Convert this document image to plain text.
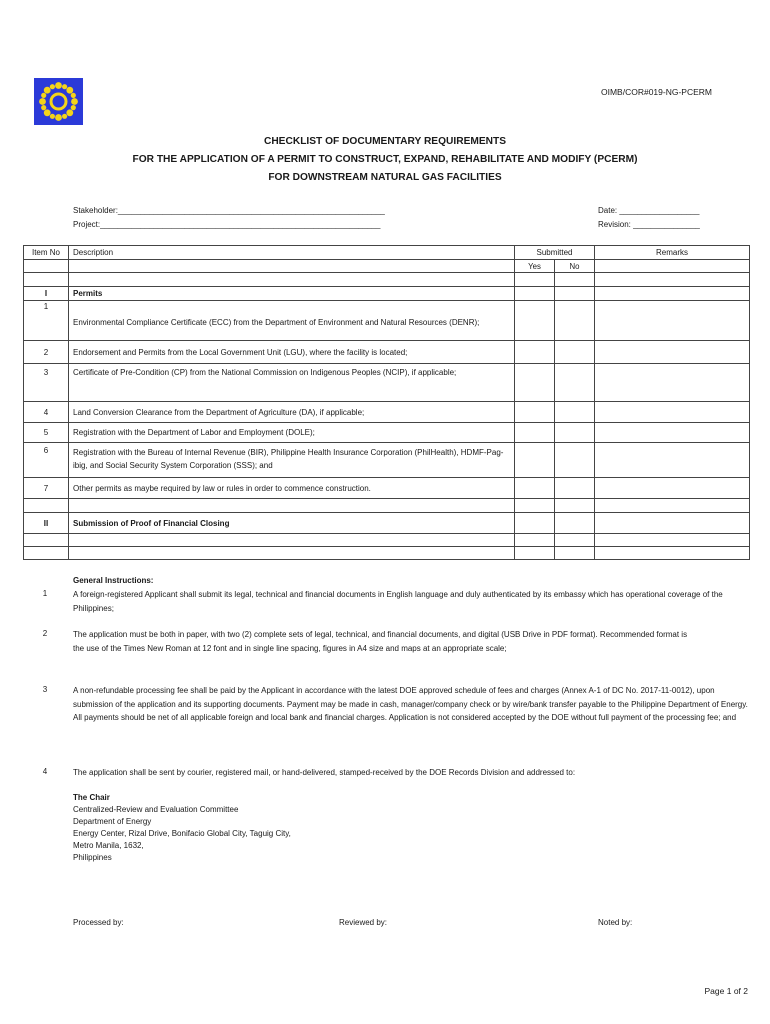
OIMB/COR#019-NG-PCERM
CHECKLIST OF DOCUMENTARY REQUIREMENTS
FOR THE APPLICATION OF A PERMIT TO CONSTRUCT, EXPAND, REHABILITATE AND MODIFY (PCERM)
FOR DOWNSTREAM NATURAL GAS FACILITIES
Stakeholder:____________________________________________________________
Project:_______________________________________________________________
Date: __________________
Revision: _______________
Item No	Description	Submitted		Remarks
		Yes	No	

I	Permits			
1	Environmental Compliance Certificate (ECC) from the Department of Environment and Natural Resources (DENR);			
2	Endorsement and Permits from the Local Government Unit (LGU), where the facility is located;			
3	Certificate of Pre-Condition (CP) from the National Commission on Indigenous Peoples (NCIP), if applicable;			
4	Land Conversion Clearance from the Department of Agriculture (DA), if applicable;			
5	Registration with the Department of Labor and Employment (DOLE);			
6	Registration with the Bureau of Internal Revenue (BIR), Philippine Health Insurance Corporation (PhilHealth), HDMF-Pag-ibig, and Social Security System Corporation (SSS); and			
7	Other permits as maybe required by law or rules in order to commence construction.			

II	Submission of Proof of Financial Closing			

General Instructions:
1	A foreign-registered Applicant shall submit its legal, technical and financial documents in English language and duly authenticated by its embassy which has operational coverage of the Philippines;
2	The application must be both in paper, with two (2) complete sets of legal, technical, and financial documents, and digital (USB Drive in PDF format). Recommended format is the use of the Times New Roman at 12 font and in single line spacing, figures in A4 size and maps at an appropriate scale;
3	A non-refundable processing fee shall be paid by the Applicant in accordance with the latest DOE approved schedule of fees and charges (Annex A-1 of DC No. 2017-11-0012), upon submission of the application and its supporting documents. Payment may be made in cash, manager/company check or by wire/bank transfer payable to the Philippine Department of Energy. All payments should be net of all applicable foreign and local bank and financial charges. Application is not considered accepted by the DOE without full payment of the processing fee; and
4	The application shall be sent by courier, registered mail, or hand-delivered, stamped-received by the DOE Records Division and addressed to:
The Chair
Centralized-Review and Evaluation Committee
Department of Energy
Energy Center, Rizal Drive, Bonifacio Global City, Taguig City,
Metro Manila, 1632,
Philippines
Processed by:	Reviewed by:	Noted by:
Page 1 of 2
